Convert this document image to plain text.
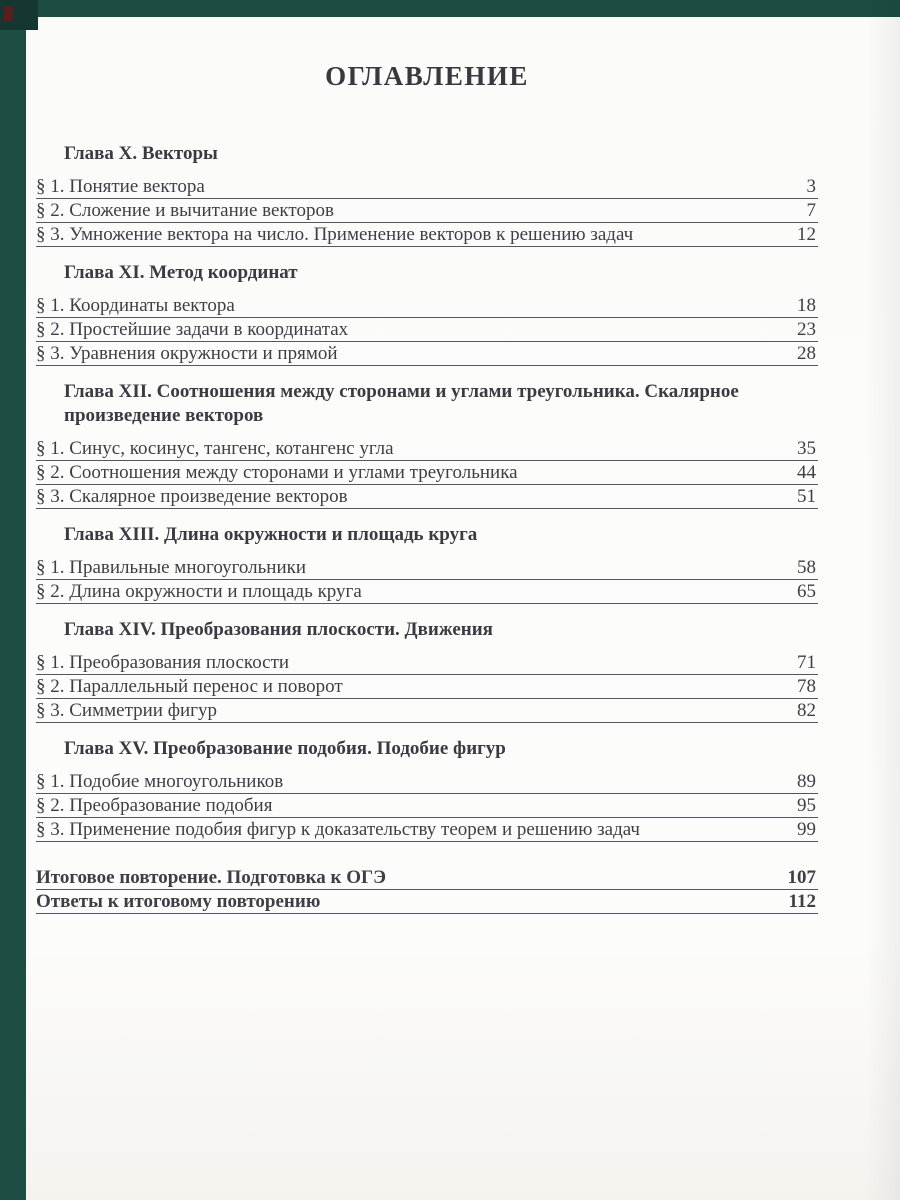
ОГЛАВЛЕНИЕ
Глава X. Векторы
§ 1. Понятие вектора	3
§ 2. Сложение и вычитание векторов	7
§ 3. Умножение вектора на число. Применение векторов к решению задач	12
Глава XI. Метод координат
§ 1. Координаты вектора	18
§ 2. Простейшие задачи в координатах	23
§ 3. Уравнения окружности и прямой	28
Глава XII. Соотношения между сторонами и углами треугольника. Скалярное произведение векторов
§ 1. Синус, косинус, тангенс, котангенс угла	35
§ 2. Соотношения между сторонами и углами треугольника	44
§ 3. Скалярное произведение векторов	51
Глава XIII. Длина окружности и площадь круга
§ 1. Правильные многоугольники	58
§ 2. Длина окружности и площадь круга	65
Глава XIV. Преобразования плоскости. Движения
§ 1. Преобразования плоскости	71
§ 2. Параллельный перенос и поворот	78
§ 3. Симметрии фигур	82
Глава XV. Преобразование подобия. Подобие фигур
§ 1. Подобие многоугольников	89
§ 2. Преобразование подобия	95
§ 3. Применение подобия фигур к доказательству теорем и решению задач	99
Итоговое повторение. Подготовка к ОГЭ	107
Ответы к итоговому повторению	112
